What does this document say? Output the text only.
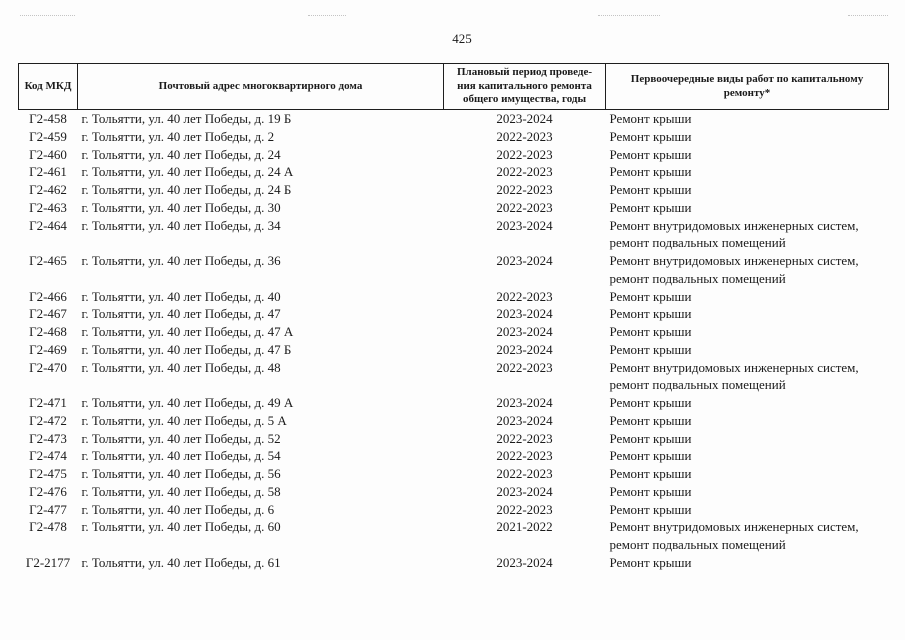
425
Код МКД	Почтовый адрес многоквартирного дома	Плановый период проведе-
ния капитального ремонта
общего имущества, годы	Первоочередные виды работ по капитальному
ремонту*
Г2-458	г. Тольятти, ул. 40 лет Победы, д. 19 Б	2023-2024	Ремонт крыши
Г2-459	г. Тольятти, ул. 40 лет Победы, д. 2	2022-2023	Ремонт крыши
Г2-460	г. Тольятти, ул. 40 лет Победы, д. 24	2022-2023	Ремонт крыши
Г2-461	г. Тольятти, ул. 40 лет Победы, д. 24 А	2022-2023	Ремонт крыши
Г2-462	г. Тольятти, ул. 40 лет Победы, д. 24 Б	2022-2023	Ремонт крыши
Г2-463	г. Тольятти, ул. 40 лет Победы, д. 30	2022-2023	Ремонт крыши
Г2-464	г. Тольятти, ул. 40 лет Победы, д. 34	2023-2024	Ремонт внутридомовых инженерных систем,
ремонт подвальных помещений
Г2-465	г. Тольятти, ул. 40 лет Победы, д. 36	2023-2024	Ремонт внутридомовых инженерных систем,
ремонт подвальных помещений
Г2-466	г. Тольятти, ул. 40 лет Победы, д. 40	2022-2023	Ремонт крыши
Г2-467	г. Тольятти, ул. 40 лет Победы, д. 47	2023-2024	Ремонт крыши
Г2-468	г. Тольятти, ул. 40 лет Победы, д. 47 А	2023-2024	Ремонт крыши
Г2-469	г. Тольятти, ул. 40 лет Победы, д. 47 Б	2023-2024	Ремонт крыши
Г2-470	г. Тольятти, ул. 40 лет Победы, д. 48	2022-2023	Ремонт внутридомовых инженерных систем,
ремонт подвальных помещений
Г2-471	г. Тольятти, ул. 40 лет Победы, д. 49 А	2023-2024	Ремонт крыши
Г2-472	г. Тольятти, ул. 40 лет Победы, д. 5 А	2023-2024	Ремонт крыши
Г2-473	г. Тольятти, ул. 40 лет Победы, д. 52	2022-2023	Ремонт крыши
Г2-474	г. Тольятти, ул. 40 лет Победы, д. 54	2022-2023	Ремонт крыши
Г2-475	г. Тольятти, ул. 40 лет Победы, д. 56	2022-2023	Ремонт крыши
Г2-476	г. Тольятти, ул. 40 лет Победы, д. 58	2023-2024	Ремонт крыши
Г2-477	г. Тольятти, ул. 40 лет Победы, д. 6	2022-2023	Ремонт крыши
Г2-478	г. Тольятти, ул. 40 лет Победы, д. 60	2021-2022	Ремонт внутридомовых инженерных систем,
ремонт подвальных помещений
Г2-2177	г. Тольятти, ул. 40 лет Победы, д. 61	2023-2024	Ремонт крыши
